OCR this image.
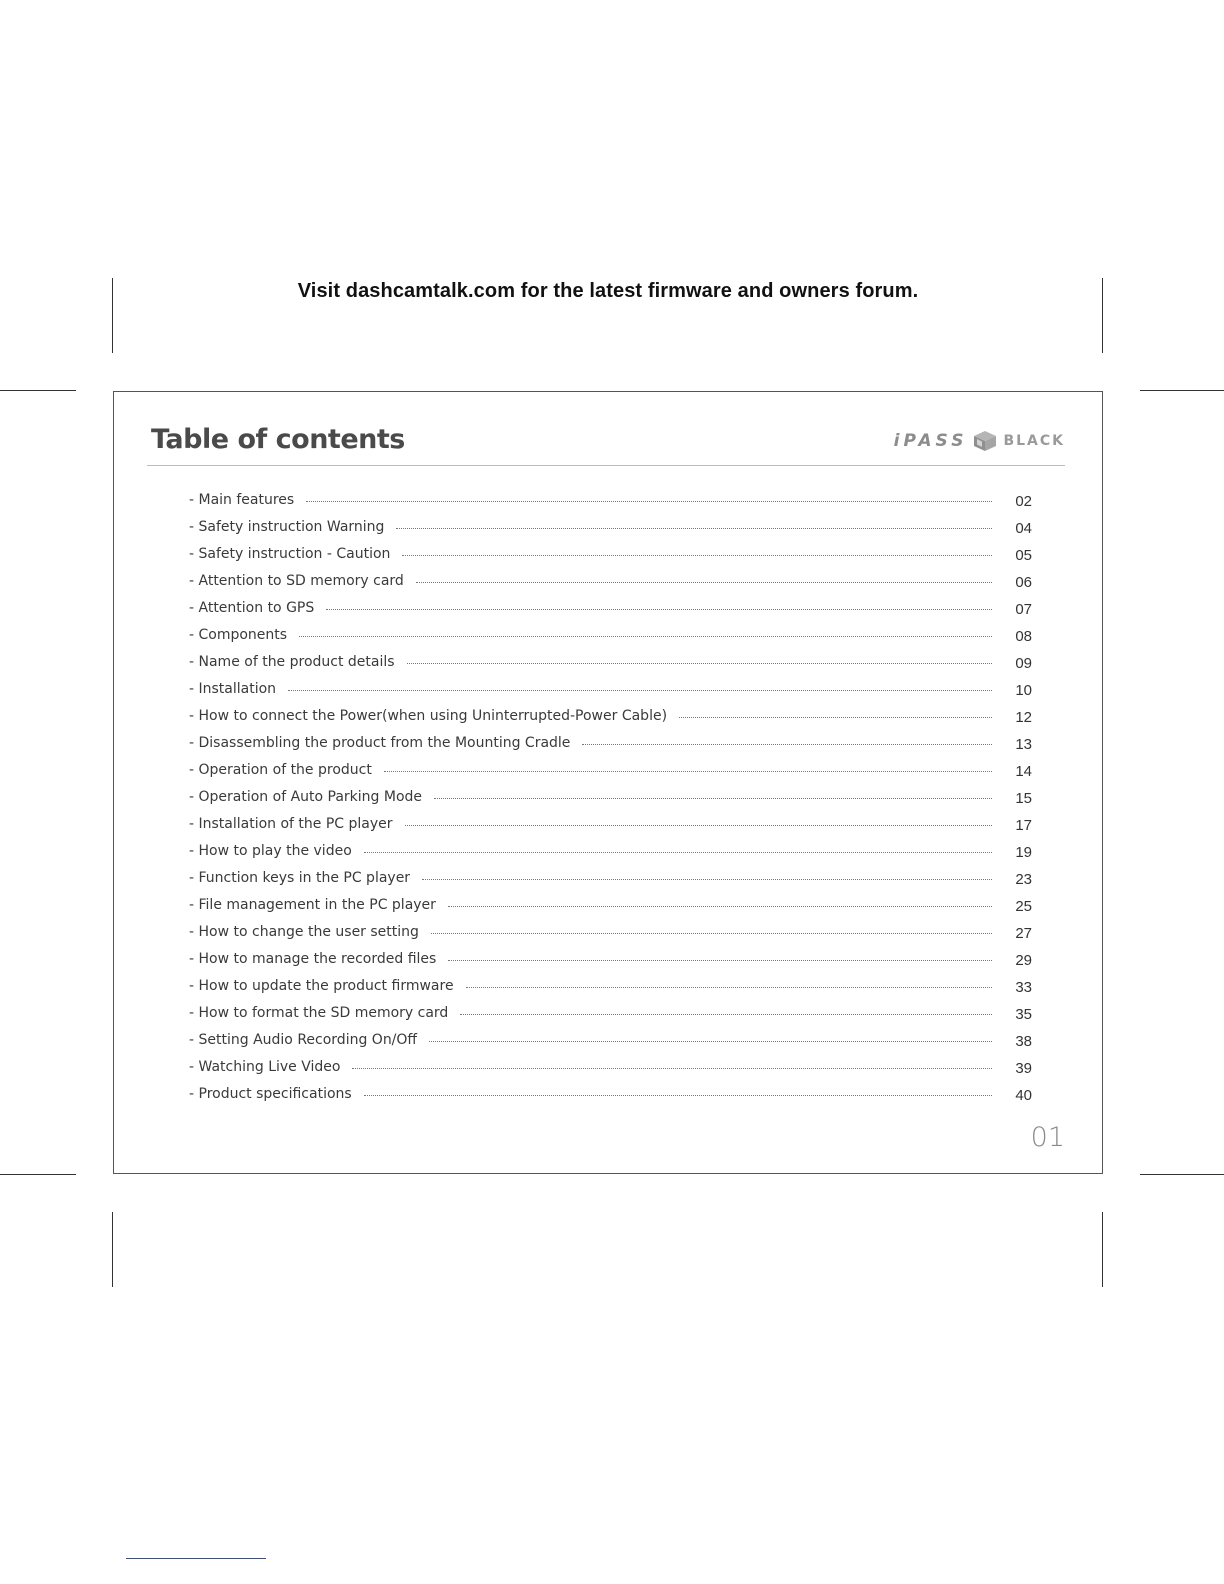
Visit dashcamtalk.com for the latest firmware and owners forum.
Table of contents	iPASS	BLACK
- Main features	02
- Safety instruction Warning	04
- Safety instruction - Caution	05
- Attention to SD memory card	06
- Attention to GPS	07
- Components	08
- Name of the product details	09
- Installation	10
- How to connect the Power(when using Uninterrupted-Power Cable)	12
- Disassembling the product from the Mounting Cradle	13
- Operation of the product	14
- Operation of Auto Parking Mode	15
- Installation of the PC player	17
- How to play the video	19
- Function keys in the PC player	23
- File management in the PC player	25
- How to change the user setting	27
- How to manage the recorded files	29
- How to update the product firmware	33
- How to format the SD memory card	35
- Setting Audio Recording On/Off	38
- Watching Live Video	39
- Product specifications	40
01
